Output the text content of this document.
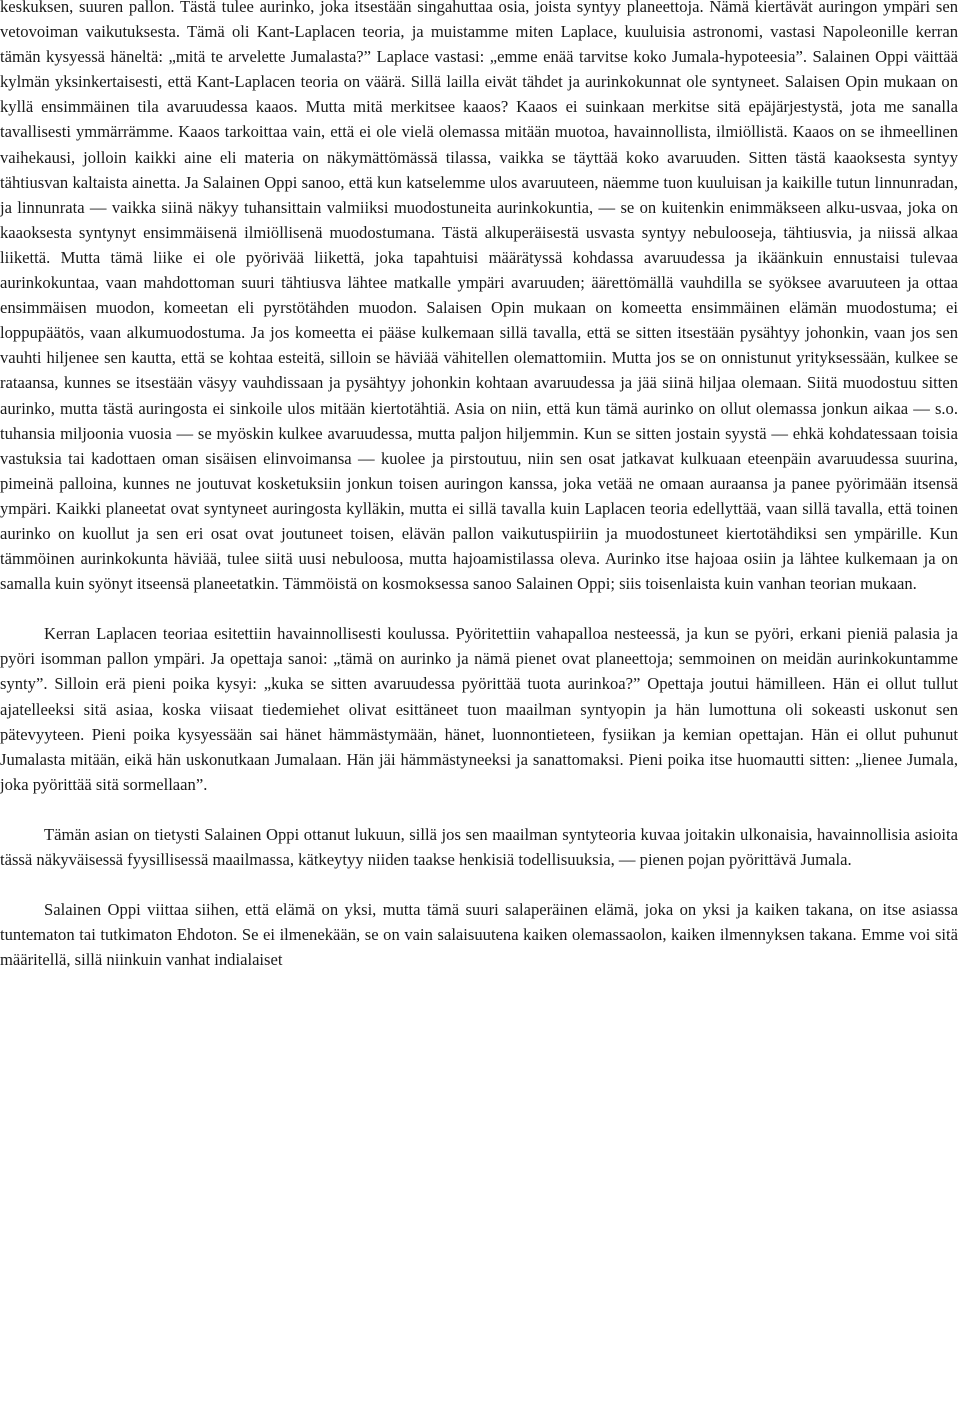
keskuksen, suuren pallon. Tästä tulee aurinko, joka itsestään singahuttaa osia, joista syntyy planeettoja. Nämä kiertävät auringon ympäri sen vetovoiman vaikutuksesta. Tämä oli Kant-Laplacen teoria, ja muistamme miten Laplace, kuuluisia astronomi, vastasi Napoleonille kerran tämän kysyessä häneltä: „mitä te arvelette Jumalasta?” Laplace vastasi: „emme enää tarvitse koko Jumala-hypoteesia”. Salainen Oppi väittää kylmän yksinkertaisesti, että Kant-Laplacen teoria on väärä. Sillä lailla eivät tähdet ja aurinkokunnat ole syntyneet. Salaisen Opin mukaan on kyllä ensimmäinen tila avaruudessa kaaos. Mutta mitä merkitsee kaaos? Kaaos ei suinkaan merkitse sitä epäjärjestystä, jota me sanalla tavallisesti ymmärrämme. Kaaos tarkoittaa vain, että ei ole vielä olemassa mitään muotoa, havainnollista, ilmiöllistä. Kaaos on se ihmeellinen vaihekausi, jolloin kaikki aine eli materia on näkymättömässä tilassa, vaikka se täyttää koko avaruuden. Sitten tästä kaaoksesta syntyy tähtiusvan kaltaista ainetta. Ja Salainen Oppi sanoo, että kun katselemme ulos avaruuteen, näemme tuon kuuluisan ja kaikille tutun linnunradan, ja linnunrata — vaikka siinä näkyy tuhansittain valmiiksi muodostuneita aurinkokuntia, — se on kuitenkin enimmäkseen alku-usvaa, joka on kaaoksesta syntynyt ensimmäisenä ilmiöllisenä muodostumana. Tästä alkuperäisestä usvasta syntyy nebulooseja, tähtiusvia, ja niissä alkaa liikettä. Mutta tämä liike ei ole pyörivää liikettä, joka tapahtuisi määrätyssä kohdassa avaruudessa ja ikäänkuin ennustaisi tulevaa aurinkokuntaa, vaan mahdottoman suuri tähtiusva lähtee matkalle ympäri avaruuden; äärettömällä vauhdilla se syöksee avaruuteen ja ottaa ensimmäisen muodon, komeetan eli pyrstötähden muodon. Salaisen Opin mukaan on komeetta ensimmäinen elämän muodostuma; ei loppupäätös, vaan alkumuodostuma. Ja jos komeetta ei pääse kulkemaan sillä tavalla, että se sitten itsestään pysähtyy johonkin, vaan jos sen vauhti hiljenee sen kautta, että se kohtaa esteitä, silloin se häviää vähitellen olemattomiin. Mutta jos se on onnistunut yrityksessään, kulkee se rataansa, kunnes se itsestään väsyy vauhdissaan ja pysähtyy johonkin kohtaan avaruudessa ja jää siinä hiljaa olemaan. Siitä muodostuu sitten aurinko, mutta tästä auringosta ei sinkoile ulos mitään kiertotähtiä. Asia on niin, että kun tämä aurinko on ollut olemassa jonkun aikaa — s.o. tuhansia miljoonia vuosia — se myöskin kulkee avaruudessa, mutta paljon hiljemmin. Kun se sitten jostain syystä — ehkä kohdatessaan toisia vastuksia tai kadottaen oman sisäisen elinvoimansa — kuolee ja pirstoutuu, niin sen osat jatkavat kulkuaan eteenpäin avaruudessa suurina, pimeinä palloina, kunnes ne joutuvat kosketuksiin jonkun toisen auringon kanssa, joka vetää ne omaan auraansa ja panee pyörimään itsensä ympäri. Kaikki planeetat ovat syntyneet auringosta kylläkin, mutta ei sillä tavalla kuin Laplacen teoria edellyttää, vaan sillä tavalla, että toinen aurinko on kuollut ja sen eri osat ovat joutuneet toisen, elävän pallon vaikutuspiiriin ja muodostuneet kiertotähdiksi sen ympärille. Kun tämmöinen aurinkokunta häviää, tulee siitä uusi nebuloosa, mutta hajoamistilassa oleva. Aurinko itse hajoaa osiin ja lähtee kulkemaan ja on samalla kuin syönyt itseensä planeetatkin. Tämmöistä on kosmoksessa sanoo Salainen Oppi; siis toisenlaista kuin vanhan teorian mukaan.

Kerran Laplacen teoriaa esitettiin havainnollisesti koulussa. Pyöritettiin vahapalloa nesteessä, ja kun se pyöri, erkani pieniä palasia ja pyöri isomman pallon ympäri. Ja opettaja sanoi: „tämä on aurinko ja nämä pienet ovat planeettoja; semmoinen on meidän aurinkokuntamme synty”. Silloin erä pieni poika kysyi: „kuka se sitten avaruudessa pyörittää tuota aurinkoa?” Opettaja joutui hämilleen. Hän ei ollut tullut ajatelleeksi sitä asiaa, koska viisaat tiedemiehet olivat esittäneet tuon maailman syntyopin ja hän lumottuna oli sokeasti uskonut sen pätevyyteen. Pieni poika kysyessään sai hänet hämmästymään, hänet, luonnontieteen, fysiikan ja kemian opettajan. Hän ei ollut puhunut Jumalasta mitään, eikä hän uskonutkaan Jumalaan. Hän jäi hämmästyneeksi ja sanattomaksi. Pieni poika itse huomautti sitten: „lienee Jumala, joka pyörittää sitä sormellaan”.

Tämän asian on tietysti Salainen Oppi ottanut lukuun, sillä jos sen maailman syntyteoria kuvaa joitakin ulkonaisia, havainnollisia asioita tässä näkyväisessä fyysillisessä maailmassa, kätkeytyy niiden taakse henkisiä todellisuuksia, — pienen pojan pyörittävä Jumala.

Salainen Oppi viittaa siihen, että elämä on yksi, mutta tämä suuri salaperäinen elämä, joka on yksi ja kaiken takana, on itse asiassa tuntematon tai tutkimaton Ehdoton. Se ei ilmenekään, se on vain salaisuutena kaiken olemassaolon, kaiken ilmennyksen takana. Emme voi sitä määritellä, sillä niinkuin vanhat indialaiset
